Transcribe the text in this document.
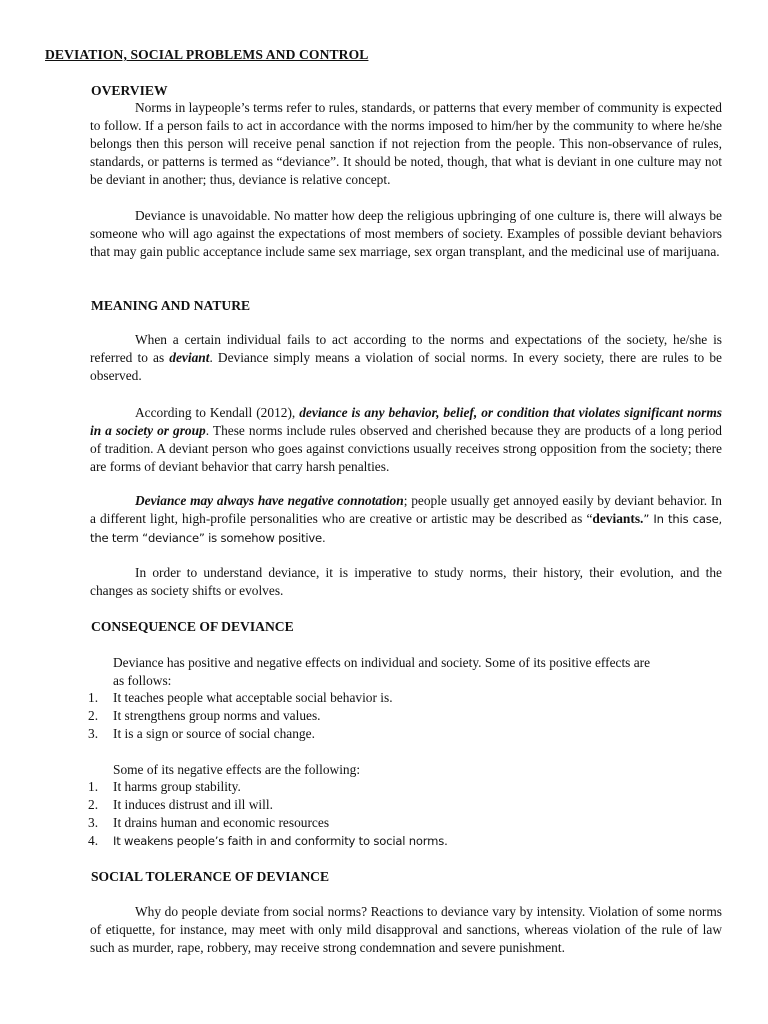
DEVIATION, SOCIAL PROBLEMS AND CONTROL
OVERVIEW

Norms in laypeople’s terms refer to rules, standards, or patterns that every member of community is expected to follow. If a person fails to act in accordance with the norms imposed to him/her by the community to where he/she belongs then this person will receive penal sanction if not rejection from the people. This non-observance of rules, standards, or patterns is termed as “deviance”. It should be noted, though, that what is deviant in one culture may not be deviant in another; thus, deviance is relative concept.

Deviance is unavoidable. No matter how deep the religious upbringing of one culture is, there will always be someone who will ago against the expectations of most members of society. Examples of possible deviant behaviors that may gain public acceptance include same sex marriage, sex organ transplant, and the medicinal use of marijuana.

MEANING AND NATURE

When a certain individual fails to act according to the norms and expectations of the society, he/she is referred to as deviant. Deviance simply means a violation of social norms. In every society, there are rules to be observed.

According to Kendall (2012), deviance is any behavior, belief, or condition that violates significant norms in a society or group. These norms include rules observed and cherished because they are products of a long period of tradition. A deviant person who goes against convictions usually receives strong opposition from the society; there are forms of deviant behavior that carry harsh penalties.

Deviance may always have negative connotation; people usually get annoyed easily by deviant behavior. In a different light, high-profile personalities who are creative or artistic may be described as “deviants.” In this case, the term “deviance” is somehow positive.

In order to understand deviance, it is imperative to study norms, their history, their evolution, and the changes as society shifts or evolves.

CONSEQUENCE OF DEVIANCE

Deviance has positive and negative effects on individual and society. Some of its positive effects are

as follows:

1. It teaches people what acceptable social behavior is.
2. It strengthens group norms and values.
3. It is a sign or source of social change.

Some of its negative effects are the following:

1. It harms group stability.
2. It induces distrust and ill will.
3. It drains human and economic resources
4. It weakens people’s faith in and conformity to social norms.
SOCIAL TOLERANCE OF DEVIANCE

Why do people deviate from social norms? Reactions to deviance vary by intensity. Violation of some norms of etiquette, for instance, may meet with only mild disapproval and sanctions, whereas violation of the rule of law such as murder, rape, robbery, may receive strong condemnation and severe punishment.
